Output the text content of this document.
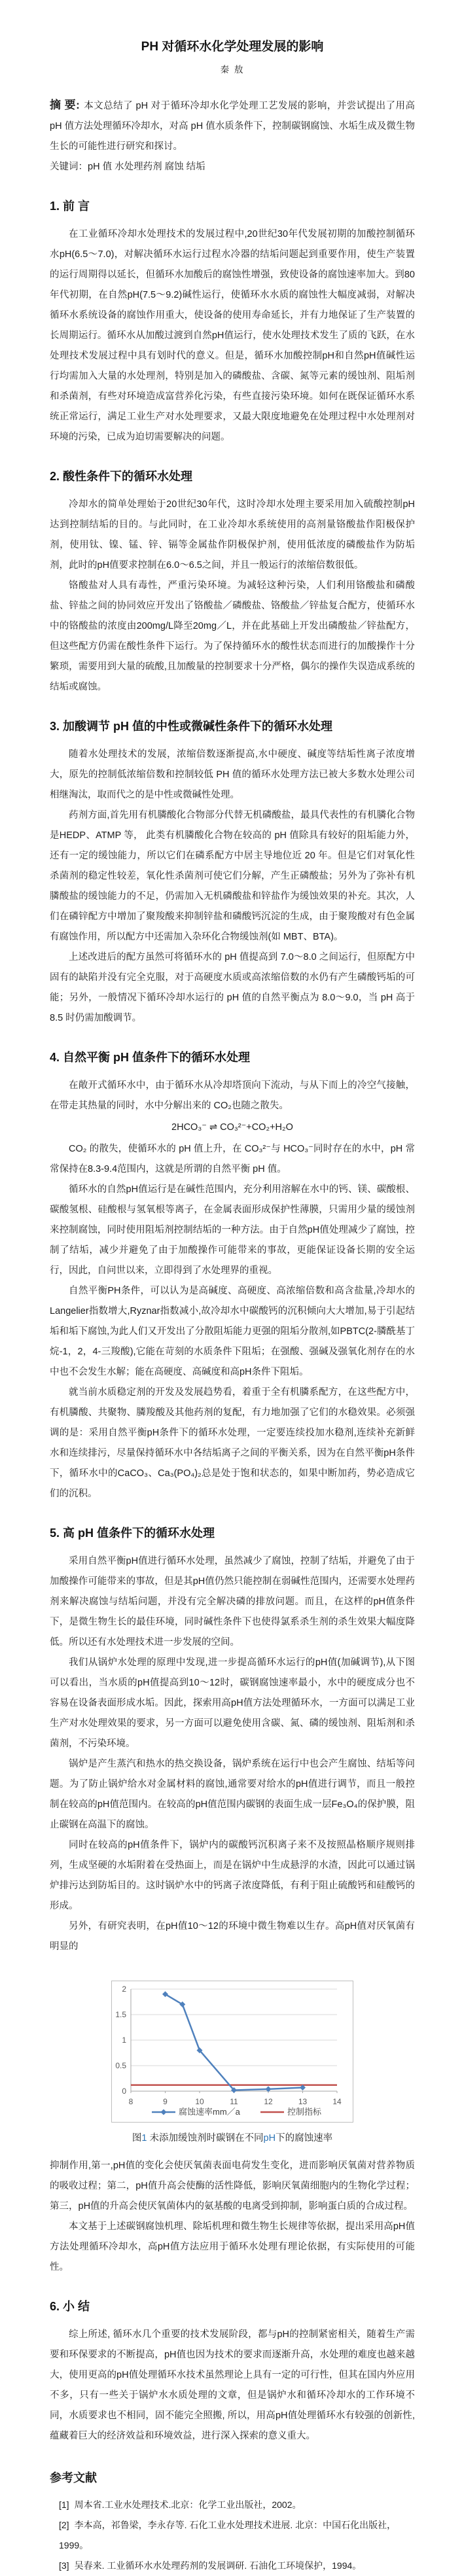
PH 对循环水化学处理发展的影响
秦 敖

摘 要: 本文总结了 pH 对于循环冷却水化学处理工艺发展的影响，并尝试提出了用高 pH 值方法处理循环冷却水，对高 pH 值水质条件下，控制碳钢腐蚀、水垢生成及微生物生长的可能性进行研究和探讨。

关键词：pH 值 水处理药剂 腐蚀 结垢

1. 前 言

在工业循环冷却水处理技术的发展过程中,20世纪30年代发展初期的加酸控制循环水pH(6.5～7.0)，对解决循环水运行过程水冷器的结垢问题起到重要作用，使生产装置的运行周期得以延长，但循环水加酸后的腐蚀性增强，致使设备的腐蚀速率加大。到80年代初期，在自然pH(7.5～9.2)碱性运行，使循环水水质的腐蚀性大幅度减弱，对解决循环水系统设备的腐蚀作用重大，使设备的使用寿命延长，并有力地保证了生产装置的长周期运行。循环水从加酸过渡到自然pH值运行，使水处理技术发生了质的飞跃，在水处理技术发展过程中具有划时代的意义。但是，循环水加酸控制pH和自然pH值碱性运行均需加入大量的水处理剂，特别是加入的磷酸盐、含碳、氮等元素的缓蚀剂、阻垢剂和杀菌剂，有些对环境造成富营养化污染，有些直接污染环境。如何在既保证循环水系统正常运行，满足工业生产对水处理要求，又最大限度地避免在处理过程中水处理剂对环境的污染，已成为迫切需要解决的问题。

2. 酸性条件下的循环水处理

冷却水的简单处理始于20世纪30年代，这时冷却水处理主要采用加入硫酸控制pH达到控制结垢的目的。与此同时，在工业冷却水系统使用的高剂量铬酸盐作阳极保护剂，使用钛、镍、锰、锌、镉等金属盐作阴极保护剂，使用低浓度的磷酸盐作为防垢剂，此时的pH值要求控制在6.0～6.5之间，并且一般运行的浓缩倍数很低。

铬酸盐对人具有毒性，严重污染环境。为减轻这种污染，人们利用铬酸盐和磷酸盐、锌盐之间的协同效应开发出了铬酸盐／磷酸盐、铬酸盐／锌盐复合配方，使循环水中的铬酸盐的浓度由200mg/L降至20mg／L，并在此基础上开发出磷酸盐／锌盐配方，但这些配方仍需在酸性条件下运行。为了保持循环水的酸性状态而进行的加酸操作十分繁琐，需要用到大量的硫酸,且加酸量的控制要求十分严格，偶尔的操作失误造成系统的结垢或腐蚀。

3. 加酸调节 pH 值的中性或微碱性条件下的循环水处理

随着水处理技术的发展，浓缩倍数逐渐提高,水中硬度、碱度等结垢性离子浓度增大，原先的控制低浓缩倍数和控制较低 PH 值的循环水处理方法已被大多数水处理公司相继淘汰，取而代之的是中性或微碱性处理。

药剂方面,首先用有机膦酸化合物部分代替无机磷酸盐，最具代表性的有机膦化合物是HEDP、ATMP 等， 此类有机膦酸化合物在较高的 pH 值除具有较好的阻垢能力外，还有一定的缓蚀能力，所以它们在磷系配方中居主导地位近 20 年。但是它们对氧化性杀菌剂的稳定性较差，氧化性杀菌剂可使它们分解，产生正磷酸盐；另外为了弥补有机膦酸盐的缓蚀能力的不足，仍需加入无机磷酸盐和锌盐作为缓蚀效果的补充。其次，人们在磷锌配方中增加了聚羧酸来抑制锌盐和磷酸钙沉淀的生成，由于聚羧酸对有色金属有腐蚀作用，所以配方中还需加入杂环化合物缓蚀剂(如 MBT、BTA)。

上述改进后的配方虽然可将循环水的 pH 值提高到 7.0～8.0 之间运行，但原配方中固有的缺陷并没有完全克服，对于高硬度水质或高浓缩倍数的水仍有产生磷酸钙垢的可能；另外，一般情况下循环冷却水运行的 pH 值的自然平衡点为 8.0～9.0，当 pH 高于 8.5 时仍需加酸调节。

4. 自然平衡 pH 值条件下的循环水处理

在敞开式循环水中，由于循环水从冷却塔顶向下流动，与从下而上的冷空气接触，在带走其热量的同时，水中分解出来的 CO₂也随之散失。

2HCO₃⁻ ⇌ CO₃²⁻+CO₂+H₂O

CO₂ 的散失，使循环水的 pH 值上升，在 CO₃²⁻与 HCO₃⁻同时存在的水中，pH 常常保持在8.3-9.4范围内，这就是所谓的自然平衡 pH 值。

循环水的自然pH值运行是在碱性范围内，充分利用溶解在水中的钙、镁、碳酸根、碳酸氢根、硅酸根与氢氧根等离子，在金属表面形成保护性薄膜，只需用少量的缓蚀剂来控制腐蚀，同时使用阻垢剂控制结垢的一种方法。由于自然pH值处理减少了腐蚀，控制了结垢，减少并避免了由于加酸操作可能带来的事故，更能保证设备长期的安全运行，因此，自问世以来，立即得到了水处理界的重视。

自然平衡PH条件，可以认为是高碱度、高硬度、高浓缩倍数和高含盐量,冷却水的Langelier指数增大,Ryznar指数减小,故冷却水中碳酸钙的沉积倾向大大增加,易于引起结垢和垢下腐蚀,为此人们又开发出了分散阻垢能力更强的阻垢分散剂,如PBTC(2-膦酰基丁烷-1，2，4-三羧酸),它能在苛刻的水质条件下阻垢；在强酸、强碱及强氧化剂存在的水中也不会发生水解；能在高硬度、高碱度和高pH条件下阻垢。

就当前水质稳定剂的开发及发展趋势看，着重于全有机膦系配方，在这些配方中，有机膦酸、共聚物、膦羧酸及其他药剂的复配，有力地加强了它们的水稳效果。必须强调的是：采用自然平衡pH条件下的循环水处理，一定要连续投加水稳剂,连续补充新鲜水和连续排污，尽量保持循环水中各结垢离子之间的平衡关系，因为在自然平衡pH条件下，循环水中的CaCO₃、Ca₃(PO₄)₂总是处于饱和状态的，如果中断加药，势必造成它们的沉积。

5. 高 pH 值条件下的循环水处理

采用自然平衡pH值进行循环水处理，虽然减少了腐蚀，控制了结垢，并避免了由于加酸操作可能带来的事故，但是其pH值仍然只能控制在弱碱性范围内，还需要水处理药剂来解决腐蚀与结垢问题，并没有完全解决磷的排放问题。而且，在这样的pH值条件下，是微生物生长的最佳环境，同时碱性条件下也使得氯系杀生剂的杀生效果大幅度降低。所以还有水处理技术进一步发展的空间。

我们从锅炉水处理的原理中发现,进一步提高循环水运行的pH值(加碱调节),从下图可以看出，当水质的pH值提高到10～12时，碳钢腐蚀速率最小，水中的硬度成分也不容易在设备表面形成水垢。因此，探索用高pH值方法处理循环水，一方面可以满足工业生产对水处理效果的要求，另一方面可以避免使用含碳、氮、磷的缓蚀剂、阻垢剂和杀菌剂，不污染环境。

锅炉是产生蒸汽和热水的热交换设备，锅炉系统在运行中也会产生腐蚀、结垢等问题。为了防止锅炉给水对金属材料的腐蚀,通常要对给水的pH值进行调节，而且一般控制在较高的pH值范围内。在较高的pH值范围内碳钢的表面生成一层Fe₃O₄的保护膜，阻止碳钢在高温下的腐蚀。

同时在较高的pH值条件下，锅炉内的碳酸钙沉积离子来不及按照晶格顺序规则排列，生成坚硬的水垢附着在受热面上，而是在锅炉中生成悬浮的水渣，因此可以通过锅炉排污达到防垢目的。这时锅炉水中的钙离子浓度降低，有利于阻止硫酸钙和硅酸钙的形成。

另外，有研究表明，在pH值10～12的环境中微生物难以生存。高pH值对厌氧菌有明显的

0
0.5
1
1.5
2
8	9	10	11	12	13	14
腐蚀速率mm／a	控制指标
图1 未添加缓蚀剂时碳钢在不同pH下的腐蚀速率

抑制作用,第一,pH值的变化会使厌氧菌表面电荷发生变化，进而影响厌氧菌对营养物质的吸收过程；第二，pH值升高会使酶的活性降低，影响厌氧菌细胞内的生物化学过程；第三，pH值的升高会使厌氧菌体内的氨基酸的电离受到抑制，影响蛋白质的合成过程。

本文基于上述碳钢腐蚀机理、除垢机理和微生物生长规律等依据，提出采用高pH值方法处理循环冷却水，高pH值方法应用于循环水处理有理论依据，有实际使用的可能性。

6. 小 结

综上所述, 循环水几个重要的技术发展阶段，都与pH的控制紧密相关，随着生产需要和环保要求的不断提高，pH值也因为技术的要求而逐渐升高，水处理的难度也越来越大，使用更高的pH值处理循环水技术虽然理论上具有一定的可行性，但其在国内外应用不多，只有一些关于锅炉水水质处理的文章，但是锅炉水和循环冷却水的工作环境不同，水质要求也不相同，固不能完全照搬, 所以，用高pH值处理循环水有较强的创新性, 蕴藏着巨大的经济效益和环境效益，进行深入探索的意义重大。

参考文献

[1] 周本省.工业水处理技术.北京：化学工业出版社，2002。

[2] 李本高，祁鲁梁，李永存等. 石化工业水处理技术进展. 北京：中国石化出版社，1999。

[3] 吴春来. 工业循环水水处理药剂的发展调研. 石油化工环境保护，1994。
